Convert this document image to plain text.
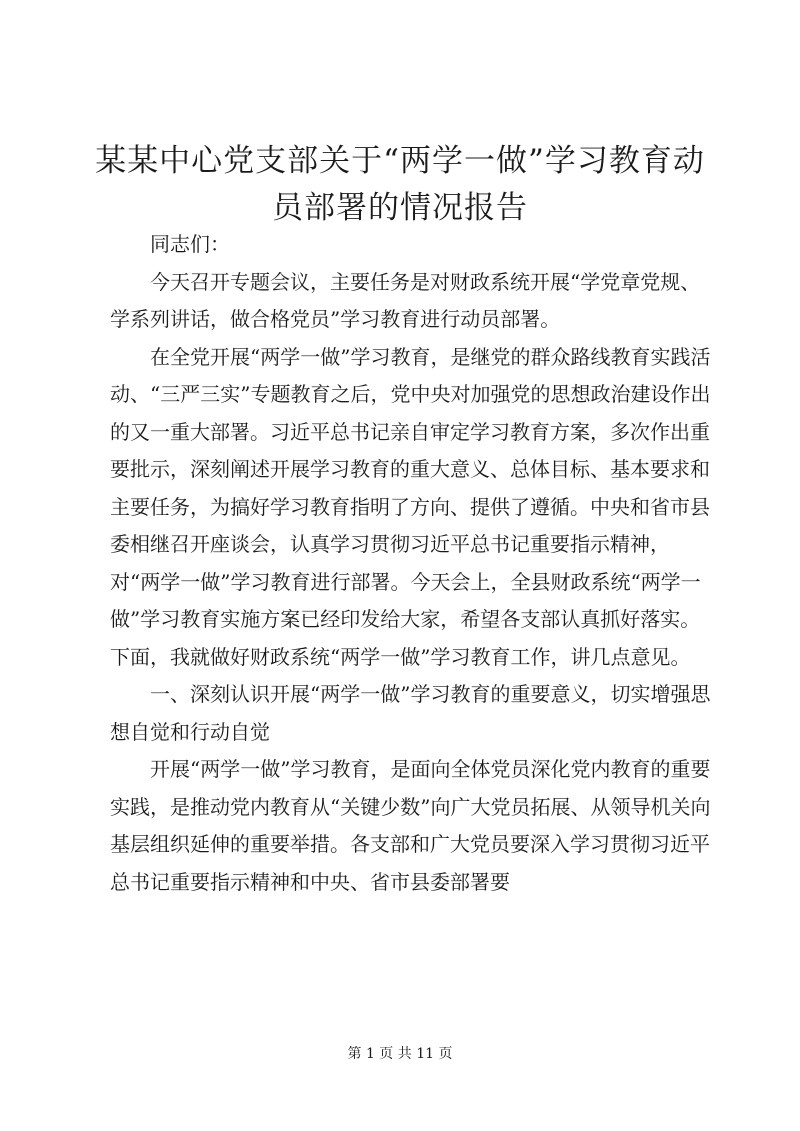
某某中心党支部关于“两学一做”学习教育动员部署的情况报告

同志们：

今天召开专题会议，主要任务是对财政系统开展“学党章党规、学系列讲话，做合格党员”学习教育进行动员部署。

在全党开展“两学一做”学习教育，是继党的群众路线教育实践活动、“三严三实”专题教育之后，党中央对加强党的思想政治建设作出的又一重大部署。习近平总书记亲自审定学习教育方案，多次作出重要批示，深刻阐述开展学习教育的重大意义、总体目标、基本要求和主要任务，为搞好学习教育指明了方向、提供了遵循。中央和省市县委相继召开座谈会，认真学习贯彻习近平总书记重要指示精神，对“两学一做”学习教育进行部署。今天会上，全县财政系统“两学一做”学习教育实施方案已经印发给大家，希望各支部认真抓好落实。下面，我就做好财政系统“两学一做”学习教育工作，讲几点意见。

一、深刻认识开展“两学一做”学习教育的重要意义，切实增强思想自觉和行动自觉

开展“两学一做”学习教育，是面向全体党员深化党内教育的重要实践，是推动党内教育从“关键少数”向广大党员拓展、从领导机关向基层组织延伸的重要举措。各支部和广大党员要深入学习贯彻习近平总书记重要指示精神和中央、省市县委部署要

第 1 页 共 11 页
